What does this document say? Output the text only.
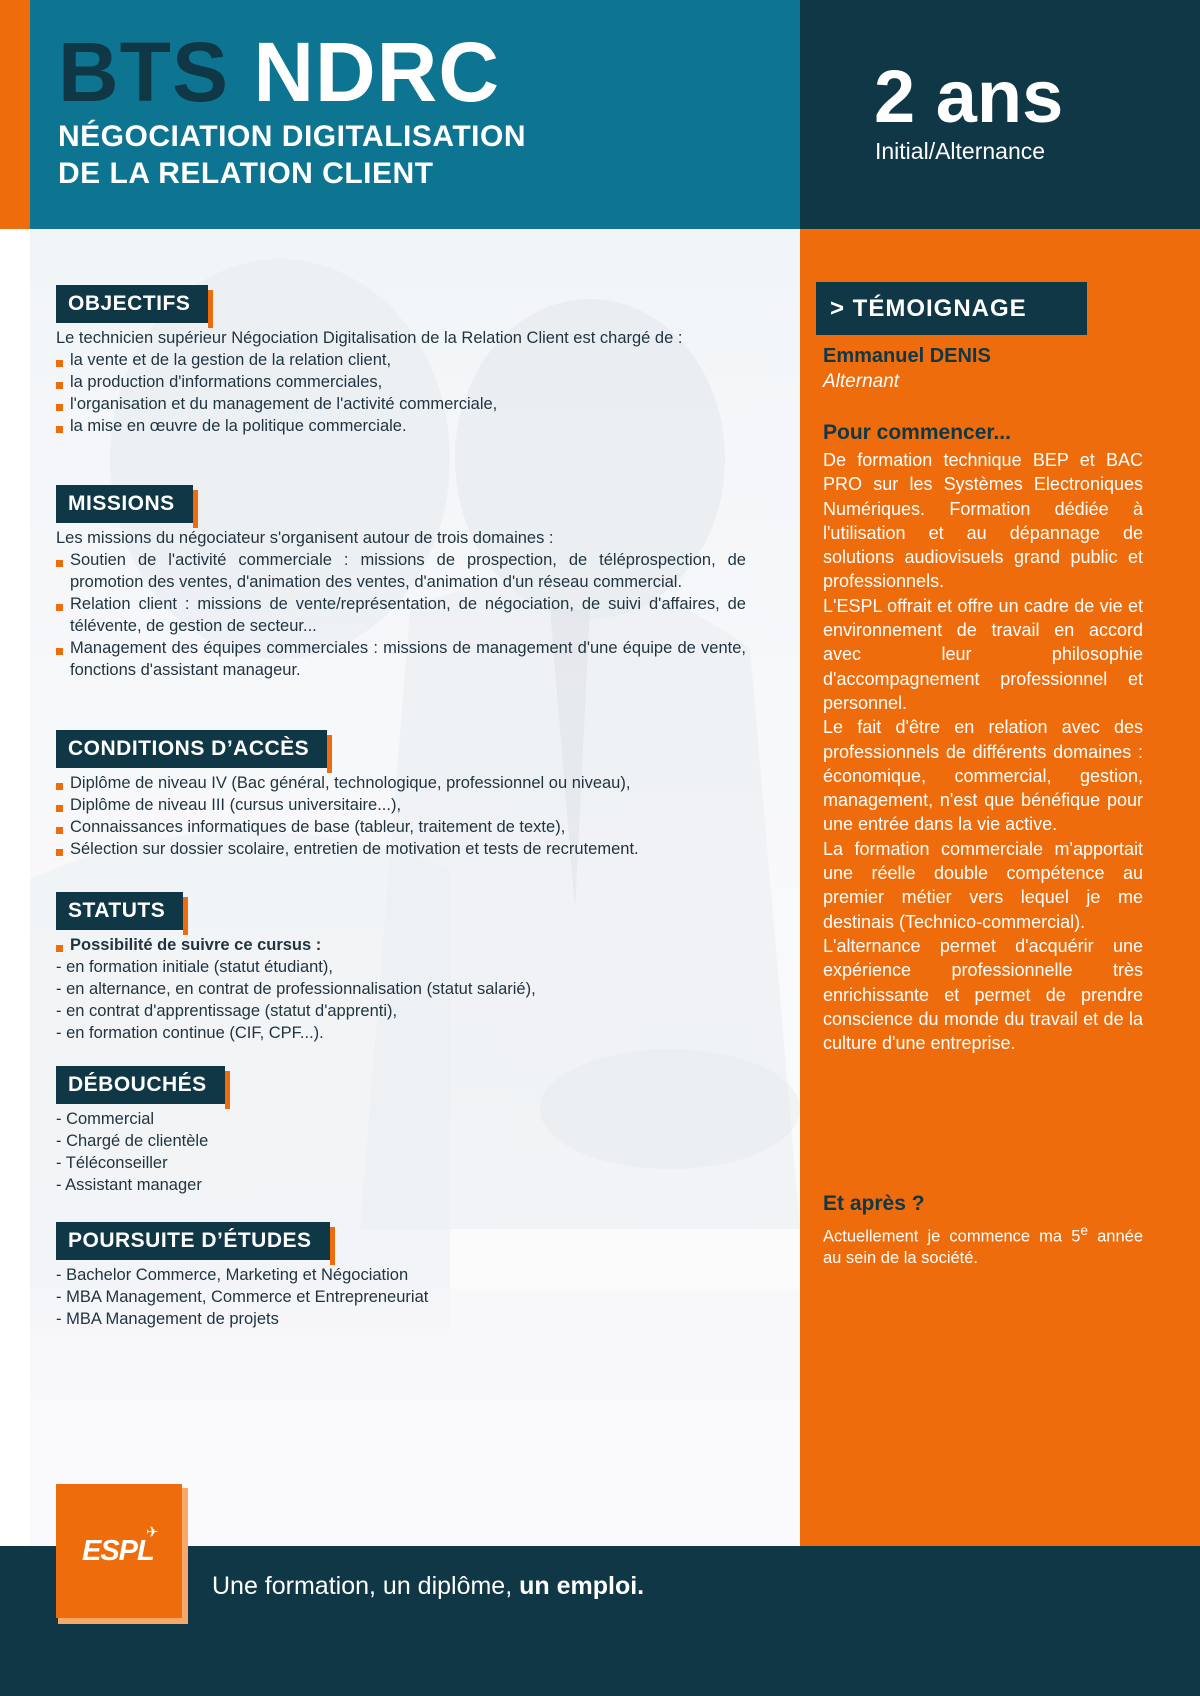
BTS NDRC
NÉGOCIATION DIGITALISATION
DE LA RELATION CLIENT
2 ans
Initial/Alternance
OBJECTIFS

Le technicien supérieur Négociation Digitalisation de la Relation Client est chargé de :

la vente et de la gestion de la relation client,
la production d'informations commerciales,
l'organisation et du management de l'activité commerciale,
la mise en œuvre de la politique commerciale.
MISSIONS

Les missions du négociateur s'organisent autour de trois domaines :

Soutien de l'activité commerciale : missions de prospection, de téléprospection, de promotion des ventes, d'animation des ventes, d'animation d'un réseau commercial.
Relation client : missions de vente/représentation, de négociation, de suivi d'affaires, de télévente, de gestion de secteur...
Management des équipes commerciales : missions de management d'une équipe de vente, fonctions d'assistant manageur.
CONDITIONS D’ACCÈS
Diplôme de niveau IV (Bac général, technologique, professionnel ou niveau),
Diplôme de niveau III (cursus universitaire...),
Connaissances informatiques de base (tableur, traitement de texte),
Sélection sur dossier scolaire, entretien de motivation et tests de recrutement.
STATUTS
Possibilité de suivre ce cursus :
- en formation initiale (statut étudiant),
- en alternance, en contrat de professionnalisation (statut salarié),
- en contrat d'apprentissage (statut d'apprenti),
- en formation continue (CIF, CPF...).
DÉBOUCHÉS
- Commercial
- Chargé de clientèle
- Téléconseiller
- Assistant manager
POURSUITE D’ÉTUDES
- Bachelor Commerce, Marketing et Négociation
- MBA Management, Commerce et Entrepreneuriat
- MBA Management de projets
> TÉMOIGNAGE
Emmanuel DENIS
Alternant
Pour commencer...
De formation technique BEP et BAC PRO sur les Systèmes Electroniques Numériques. Formation dédiée à l'utilisation et au dépannage de solutions audiovisuels grand public et professionnels.
L'ESPL offrait et offre un cadre de vie et environnement de travail en accord avec leur philosophie d'accompagnement professionnel et personnel.
Le fait d'être en relation avec des professionnels de différents domaines : économique, commercial, gestion, management, n'est que bénéfique pour une entrée dans la vie active.
La formation commerciale m'apportait une réelle double compétence au premier métier vers lequel je me destinais (Technico-commercial).
L'alternance permet d'acquérir une expérience professionnelle très enrichissante et permet de prendre conscience du monde du travail et de la culture d'une entreprise.
Et après ?
Actuellement je commence ma 5e année au sein de la société.
ESPL
✈
Une formation, un diplôme, un emploi.
